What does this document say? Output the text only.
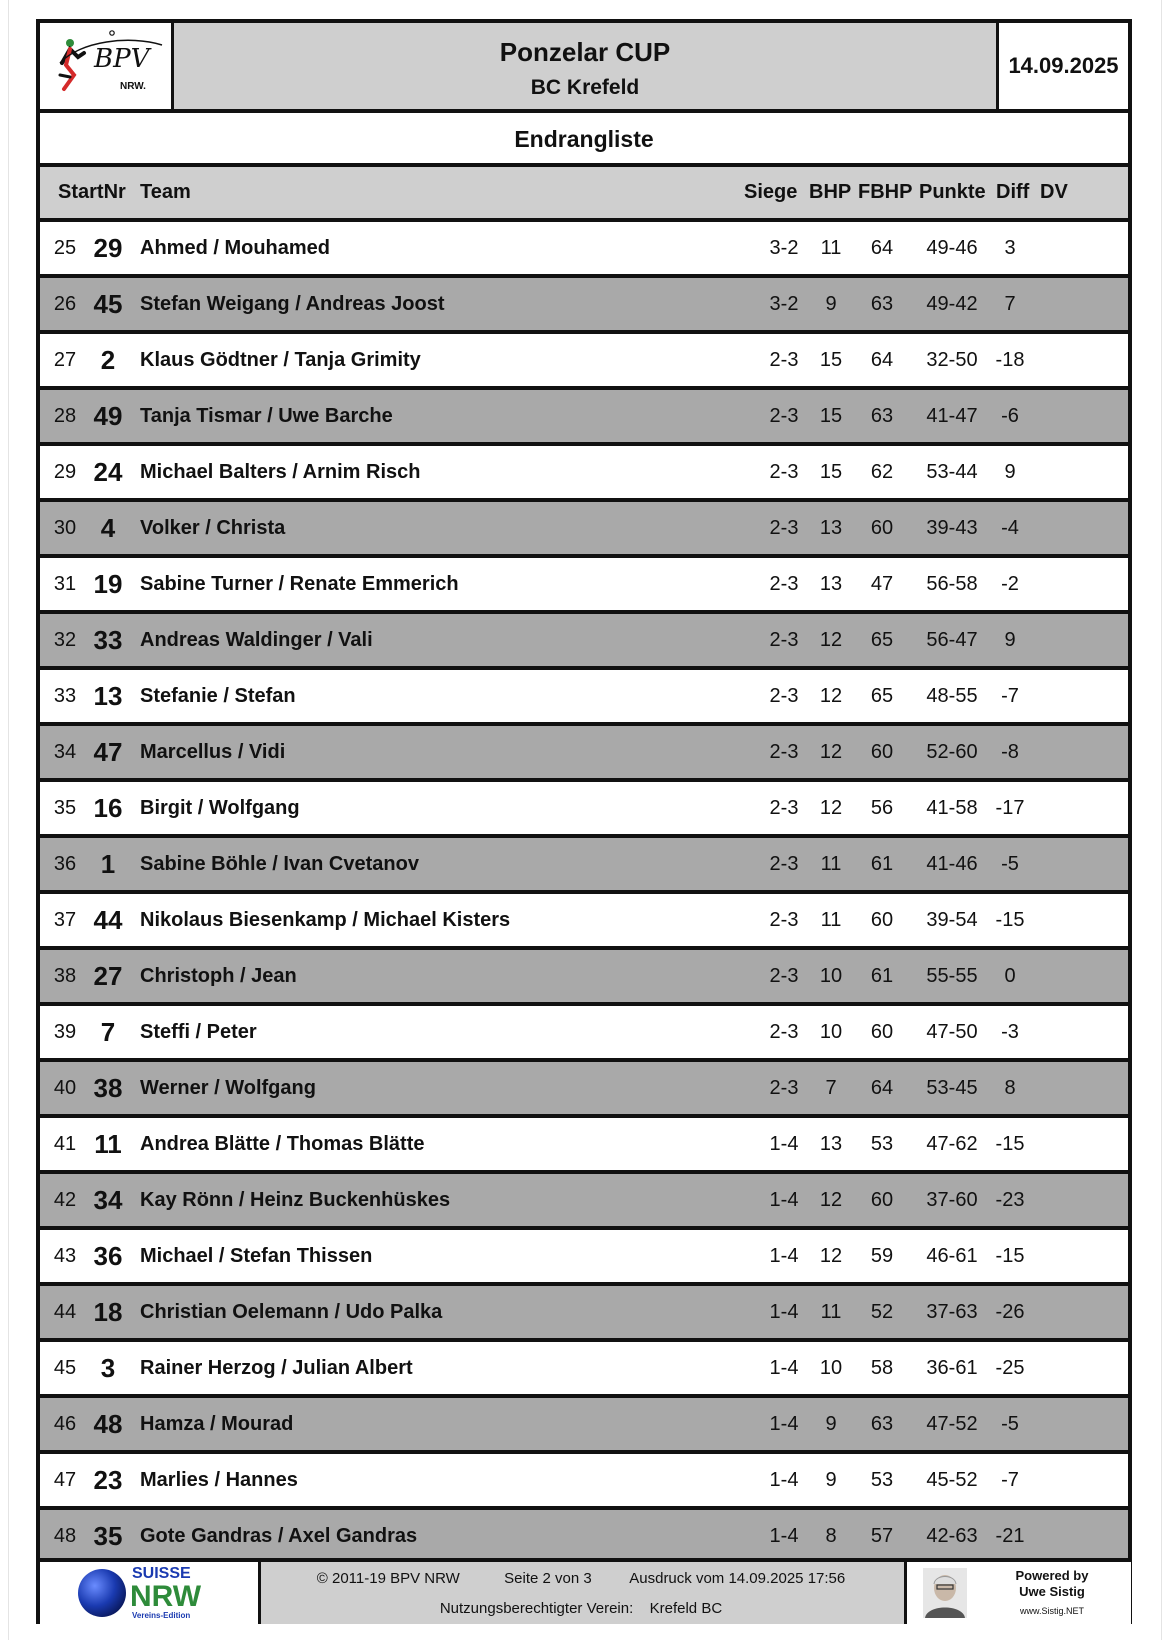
BPV
NRW.
Ponzelar CUP
BC Krefeld
14.09.2025
Endrangliste
StartNr Team	Siege BHP FBHP Punkte Diff DV
25 29 Ahmed / Mouhamed	3-2	11	64	49-46	3
26 45 Stefan Weigang / Andreas Joost	3-2	9	63	49-42	7
27 2	Klaus Gödtner / Tanja Grimity	2-3	15	64	32-50 -18
28 49 Tanja Tismar / Uwe Barche	2-3	15	63	41-47	-6
29 24 Michael Balters / Arnim Risch	2-3	15	62	53-44	9
30 4	Volker / Christa	2-3	13	60	39-43	-4
31 19 Sabine Turner / Renate Emmerich	2-3	13	47	56-58	-2
32 33 Andreas Waldinger / Vali	2-3	12	65	56-47	9
33 13 Stefanie / Stefan	2-3	12	65	48-55	-7
34 47 Marcellus / Vidi	2-3	12	60	52-60	-8
35 16 Birgit / Wolfgang	2-3	12	56	41-58 -17
36 1	Sabine Böhle / Ivan Cvetanov	2-3	11	61	41-46	-5
37 44 Nikolaus Biesenkamp / Michael Kisters	2-3	11	60	39-54 -15
38 27 Christoph / Jean	2-3	10	61	55-55	0
39 7	Steffi / Peter	2-3	10	60	47-50	-3
40 38 Werner / Wolfgang	2-3	7	64	53-45	8
41 11 Andrea Blätte / Thomas Blätte	1-4	13	53	47-62 -15
42 34 Kay Rönn / Heinz Buckenhüskes	1-4	12	60	37-60 -23
43 36 Michael / Stefan Thissen	1-4	12	59	46-61 -15
44 18 Christian Oelemann / Udo Palka	1-4	11	52	37-63 -26
45 3	Rainer Herzog / Julian Albert	1-4	10	58	36-61 -25
46 48 Hamza / Mourad	1-4	9	63	47-52	-5
47 23 Marlies / Hannes	1-4	9	53	45-52	-7
48 35 Gote Gandras / Axel Gandras	1-4	8	57	42-63 -21
SUISSE
NRW
Vereins-Edition
© 2011-19 BPV NRW	Seite 2 von 3	Ausdruck vom 14.09.2025 17:56
Nutzungsberechtigter Verein: Krefeld BC
Powered by
Uwe Sistig
www.Sistig.NET
